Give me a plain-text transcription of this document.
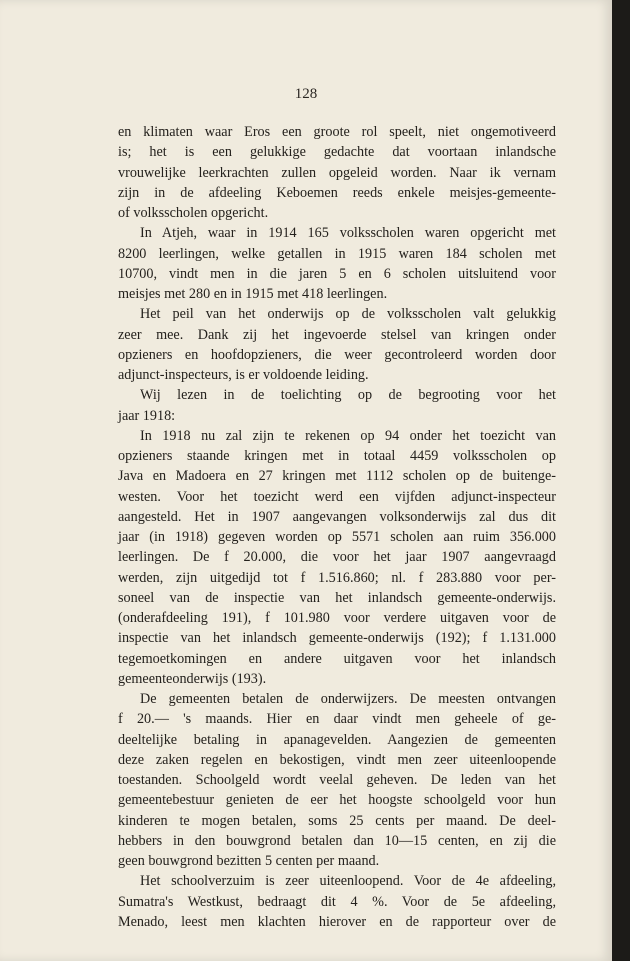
128

en klimaten waar Eros een groote rol speelt, niet ongemotiveerd

is; het is een gelukkige gedachte dat voortaan inlandsche

vrouwelijke leerkrachten zullen opgeleid worden. Naar ik vernam

zijn in de afdeeling Keboemen reeds enkele meisjes-gemeente-

of volksscholen opgericht.

In Atjeh, waar in 1914 165 volksscholen waren opgericht met

8200 leerlingen, welke getallen in 1915 waren 184 scholen met

10700, vindt men in die jaren 5 en 6 scholen uitsluitend voor

meisjes met 280 en in 1915 met 418 leerlingen.

Het peil van het onderwijs op de volksscholen valt gelukkig

zeer mee. Dank zij het ingevoerde stelsel van kringen onder

opzieners en hoofdopzieners, die weer gecontroleerd worden door

adjunct-inspecteurs, is er voldoende leiding.

Wij lezen in de toelichting op de begrooting voor het

jaar 1918:

In 1918 nu zal zijn te rekenen op 94 onder het toezicht van

opzieners staande kringen met in totaal 4459 volksscholen op

Java en Madoera en 27 kringen met 1112 scholen op de buitenge-

westen. Voor het toezicht werd een vijfden adjunct-inspecteur

aangesteld. Het in 1907 aangevangen volksonderwijs zal dus dit

jaar (in 1918) gegeven worden op 5571 scholen aan ruim 356.000

leerlingen. De f 20.000, die voor het jaar 1907 aangevraagd

werden, zijn uitgedijd tot f 1.516.860; nl. f 283.880 voor per-

soneel van de inspectie van het inlandsch gemeente-onderwijs.

(onderafdeeling 191), f 101.980 voor verdere uitgaven voor de

inspectie van het inlandsch gemeente-onderwijs (192); f 1.131.000

tegemoetkomingen en andere uitgaven voor het inlandsch

gemeenteonderwijs (193).

De gemeenten betalen de onderwijzers. De meesten ontvangen

f 20.— 's maands. Hier en daar vindt men geheele of ge-

deeltelijke betaling in apanagevelden. Aangezien de gemeenten

deze zaken regelen en bekostigen, vindt men zeer uiteenloopende

toestanden. Schoolgeld wordt veelal geheven. De leden van het

gemeentebestuur genieten de eer het hoogste schoolgeld voor hun

kinderen te mogen betalen, soms 25 cents per maand. De deel-

hebbers in den bouwgrond betalen dan 10—15 centen, en zij die

geen bouwgrond bezitten 5 centen per maand.

Het schoolverzuim is zeer uiteenloopend. Voor de 4e afdeeling,

Sumatra's Westkust, bedraagt dit 4 %. Voor de 5e afdeeling,

Menado, leest men klachten hierover en de rapporteur over de
